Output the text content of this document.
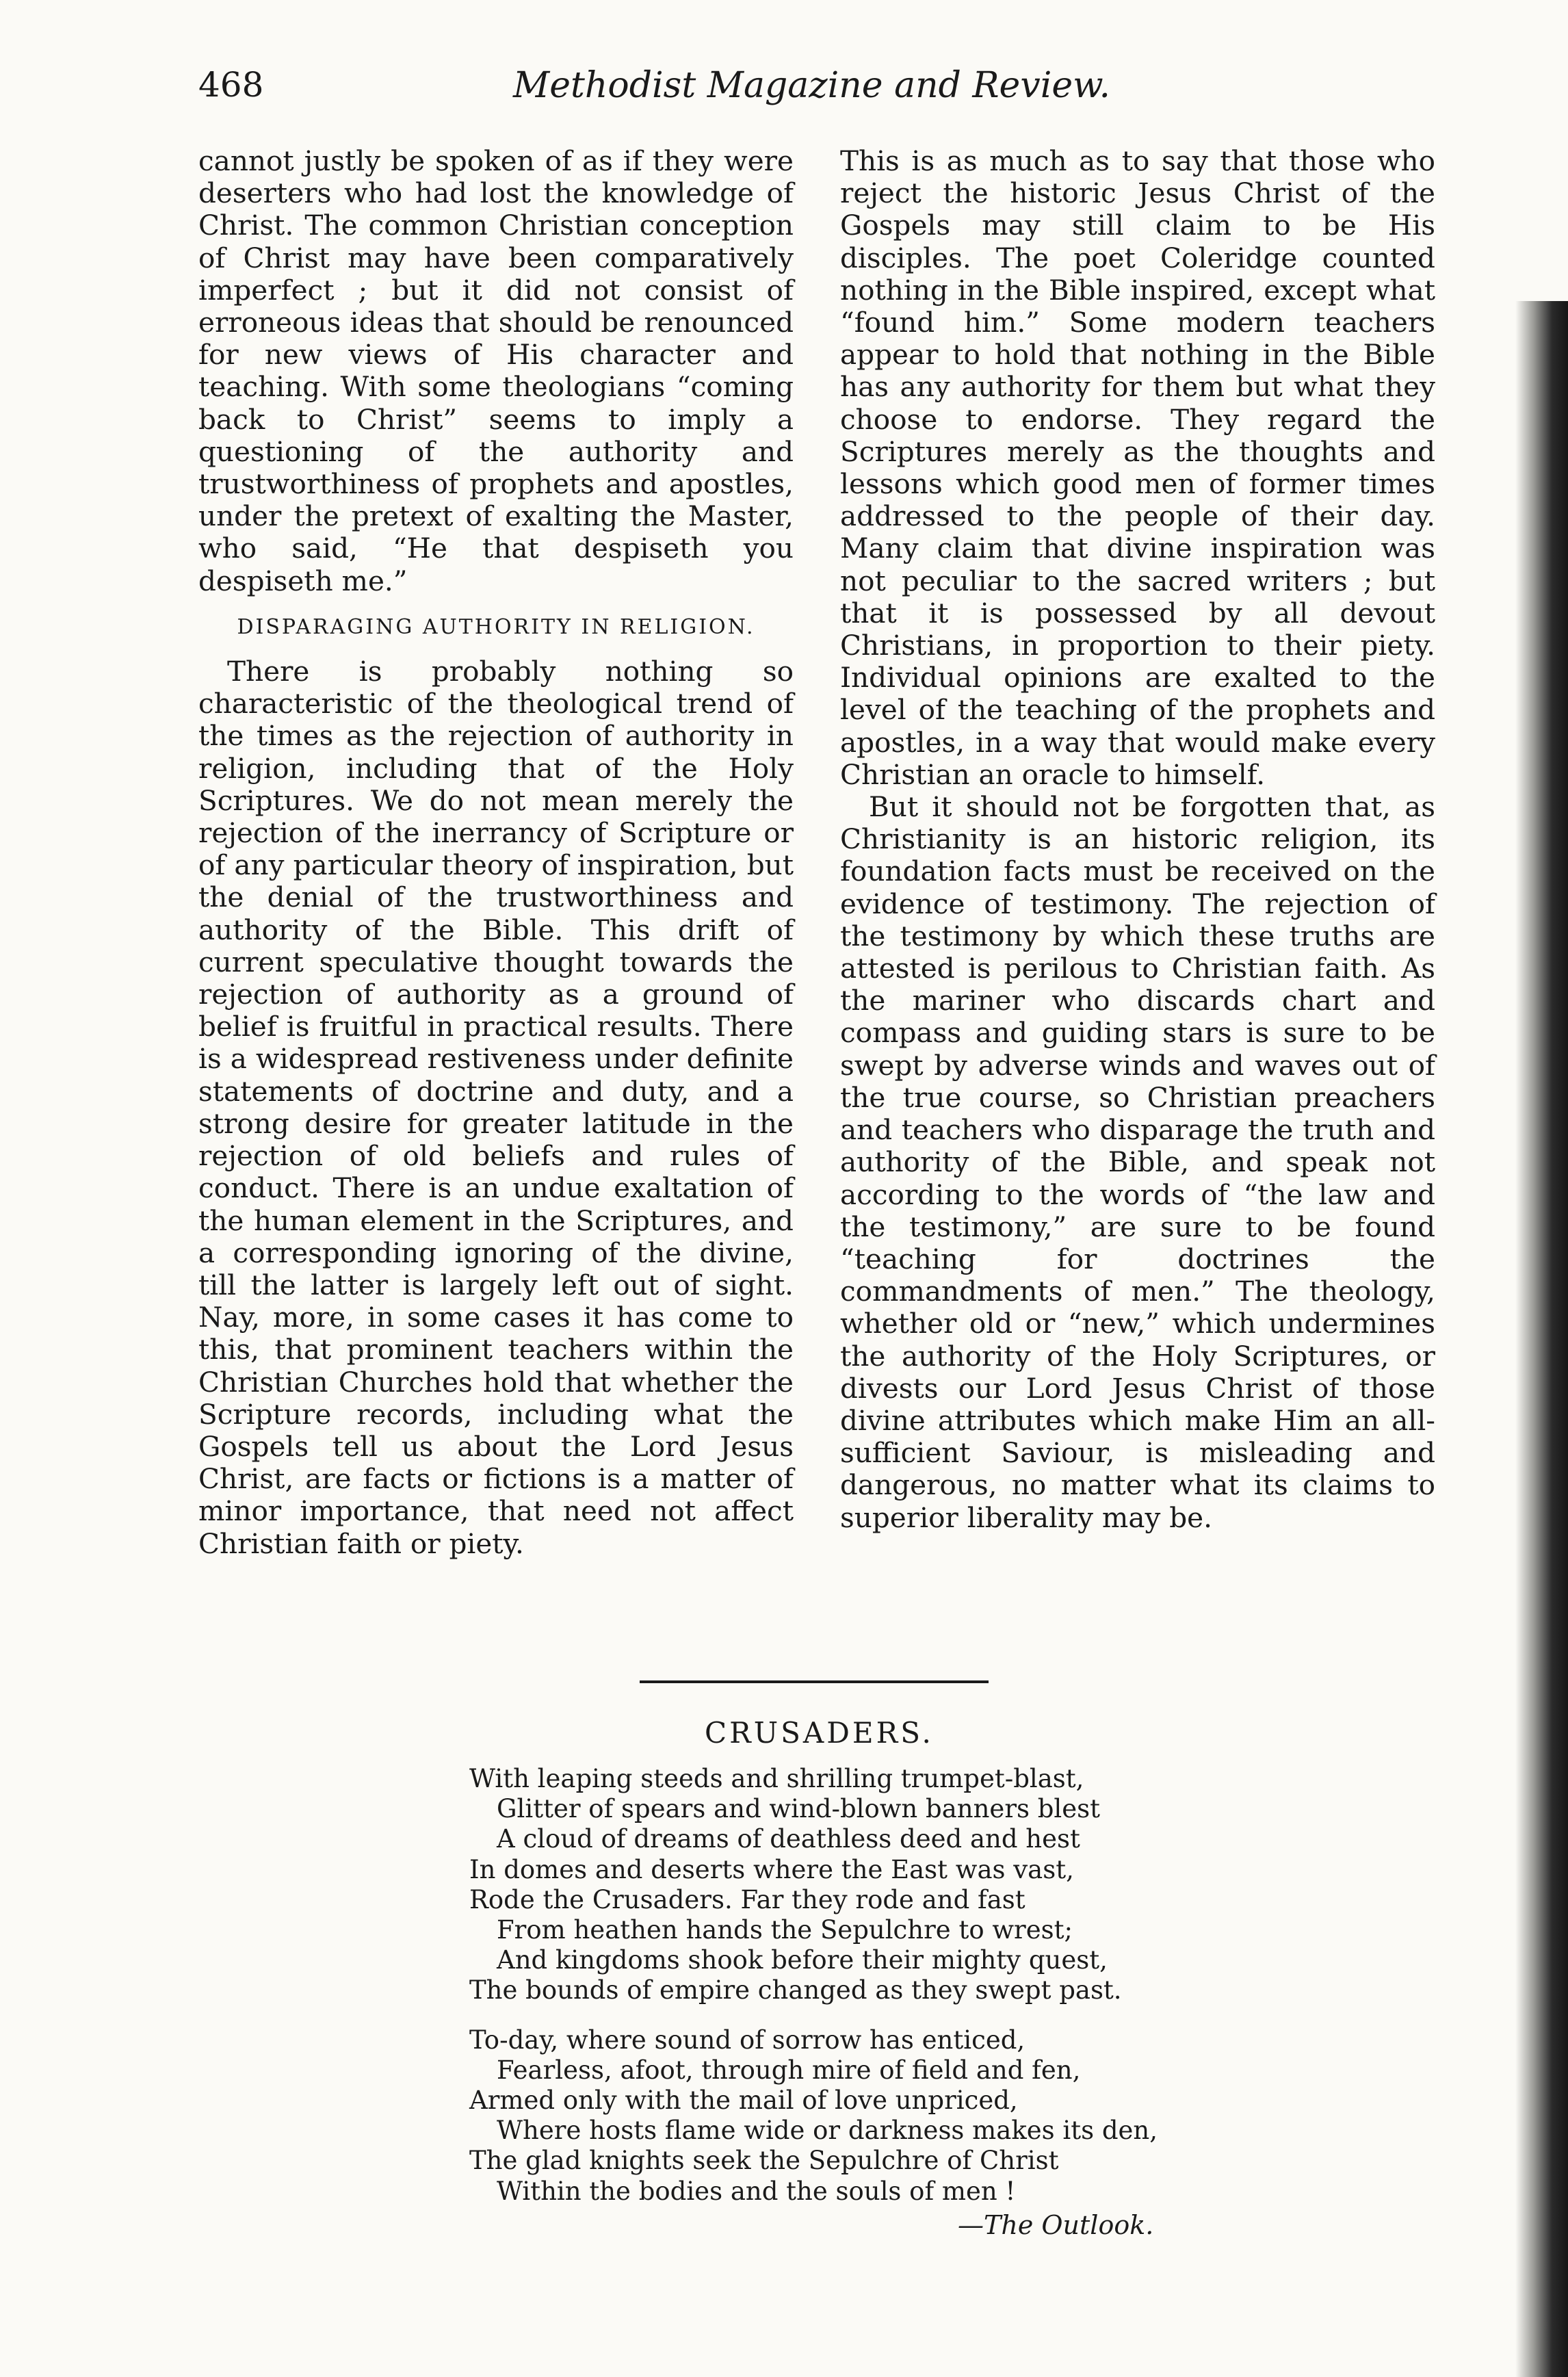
468	Methodist Magazine and Review.

cannot justly be spoken of as if they were deserters who had lost the knowledge of Christ. The common Christian conception of Christ may have been comparatively imperfect ; but it did not consist of erroneous ideas that should be renounced for new views of His character and teaching. With some theologians “coming back to Christ” seems to imply a questioning of the authority and trustworthiness of prophets and apostles, under the pretext of exalting the Master, who said, “He that despiseth you despiseth me.”

DISPARAGING AUTHORITY IN RELIGION.

There is probably nothing so characteristic of the theological trend of the times as the rejection of authority in religion, including that of the Holy Scriptures. We do not mean merely the rejection of the inerrancy of Scripture or of any particular theory of inspiration, but the denial of the trustworthiness and authority of the Bible. This drift of current speculative thought towards the rejection of authority as a ground of belief is fruitful in practical results. There is a widespread restiveness under definite statements of doctrine and duty, and a strong desire for greater latitude in the rejection of old beliefs and rules of conduct. There is an undue exaltation of the human element in the Scriptures, and a corresponding ignoring of the divine, till the latter is largely left out of sight. Nay, more, in some cases it has come to this, that prominent teachers within the Christian Churches hold that whether the Scripture records, including what the Gospels tell us about the Lord Jesus Christ, are facts or fictions is a matter of minor importance, that need not affect Christian faith or piety.

This is as much as to say that those who reject the historic Jesus Christ of the Gospels may still claim to be His disciples. The poet Coleridge counted nothing in the Bible inspired, except what “found him.” Some modern teachers appear to hold that nothing in the Bible has any authority for them but what they choose to endorse. They regard the Scriptures merely as the thoughts and lessons which good men of former times addressed to the people of their day. Many claim that divine inspiration was not peculiar to the sacred writers ; but that it is possessed by all devout Christians, in proportion to their piety. Individual opinions are exalted to the level of the teaching of the prophets and apostles, in a way that would make every Christian an oracle to himself.

But it should not be forgotten that, as Christianity is an historic religion, its foundation facts must be received on the evidence of testimony. The rejection of the testimony by which these truths are attested is perilous to Christian faith. As the mariner who discards chart and compass and guiding stars is sure to be swept by adverse winds and waves out of the true course, so Christian preachers and teachers who disparage the truth and authority of the Bible, and speak not according to the words of “the law and the testimony,” are sure to be found “teaching for doctrines the commandments of men.” The theology, whether old or “new,” which undermines the authority of the Holy Scriptures, or divests our Lord Jesus Christ of those divine attributes which make Him an all-sufficient Saviour, is misleading and dangerous, no matter what its claims to superior liberality may be.

CRUSADERS.
With leaping steeds and shrilling trumpet-blast,
Glitter of spears and wind-blown banners blest
A cloud of dreams of deathless deed and hest
In domes and deserts where the East was vast,
Rode the Crusaders. Far they rode and fast
From heathen hands the Sepulchre to wrest;
And kingdoms shook before their mighty quest,
The bounds of empire changed as they swept past.
To-day, where sound of sorrow has enticed,
Fearless, afoot, through mire of field and fen,
Armed only with the mail of love unpriced,
Where hosts flame wide or darkness makes its den,
The glad knights seek the Sepulchre of Christ
Within the bodies and the souls of men !
—The Outlook.
